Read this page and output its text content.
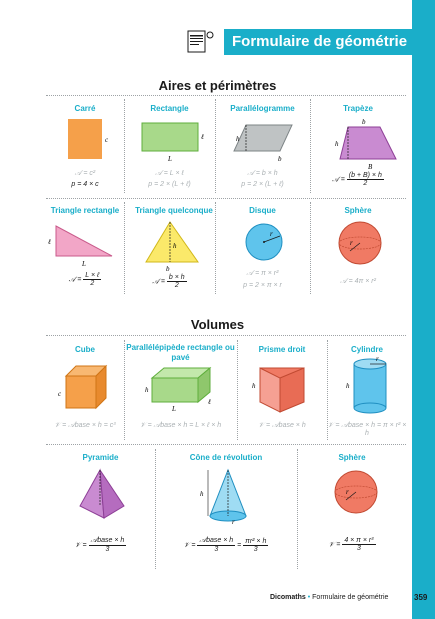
Formulaire de géométrie
Aires et périmètres
Carré
c
𝒜 = c²
p = 4 × c
Rectangle
ℓ
L
𝒜 = L × ℓ
p = 2 × (L + ℓ)
Parallélogramme
h
b
𝒜 = b × h
p = 2 × (L + ℓ)
Trapèze
b
h
B
𝒜 = $\frac{(b + B) \times h}{2}$
Triangle rectangle
ℓ
L
𝒜 = $\frac{\text{L × ℓ}}{2}$
Triangle quelconque
h
b
𝒜 = $\frac{b \times h}{2}$
Disque
r
𝒜 = π × r²
p = 2 × π × r
Sphère
r
𝒜 = 4π × r²
Volumes
Cube
c
𝒱 = 𝒜base × h = c³
Parallélépipède rectangle ou pavé
h
L
ℓ
𝒱 = 𝒜base × h = L × ℓ × h
Prisme droit
h
𝒱 = 𝒜base × h
Cylindre
r
h
𝒱 = 𝒜base × h = π × r² × h
Pyramide
𝒱 = $\frac{\text{𝒜base × h}}{3}$
Cône de révolution
h
r
𝒱 = $\frac{\text{𝒜base × h}}{3} = \frac{\text{πr² × h}}{3}$
Sphère
r
𝒱 = $\frac{\text{4 × π × r³}}{3}$
Dicomaths • Formulaire de géométrie	359
